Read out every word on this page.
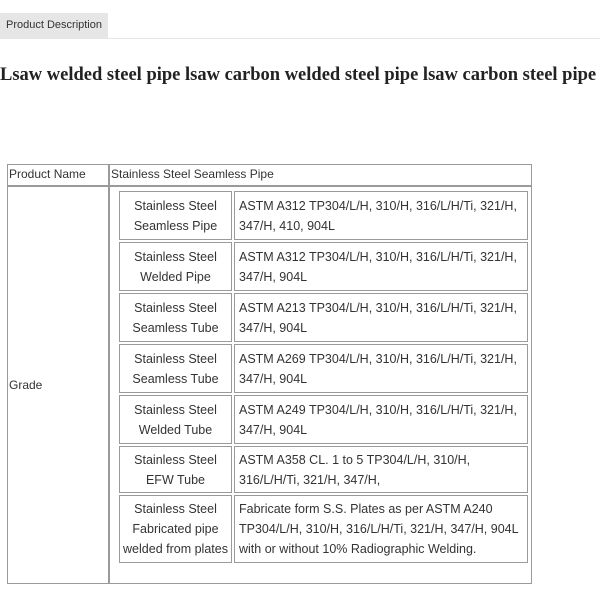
Product Description
Lsaw welded steel pipe lsaw carbon welded steel pipe lsaw carbon steel pipe
Product Name Stainless Steel Seamless Pipe
Grade
Stainless Steel Seamless Pipe
ASTM A312 TP304/L/H, 310/H, 316/L/H/Ti, 321/H, 347/H, 410, 904L
Stainless Steel Welded Pipe
ASTM A312 TP304/L/H, 310/H, 316/L/H/Ti, 321/H, 347/H, 904L
Stainless Steel Seamless Tube
ASTM A213 TP304/L/H, 310/H, 316/L/H/Ti, 321/H, 347/H, 904L
Stainless Steel Seamless Tube
ASTM A269 TP304/L/H, 310/H, 316/L/H/Ti, 321/H, 347/H, 904L
Stainless Steel Welded Tube
ASTM A249 TP304/L/H, 310/H, 316/L/H/Ti, 321/H, 347/H, 904L
Stainless Steel EFW Tube
ASTM A358 CL. 1 to 5 TP304/L/H, 310/H, 316/L/H/Ti, 321/H, 347/H,
Stainless Steel Fabricated pipe welded from plates
Fabricate form S.S. Plates as per ASTM A240 TP304/L/H, 310/H, 316/L/H/Ti, 321/H, 347/H, 904L with or without 10% Radiographic Welding.
